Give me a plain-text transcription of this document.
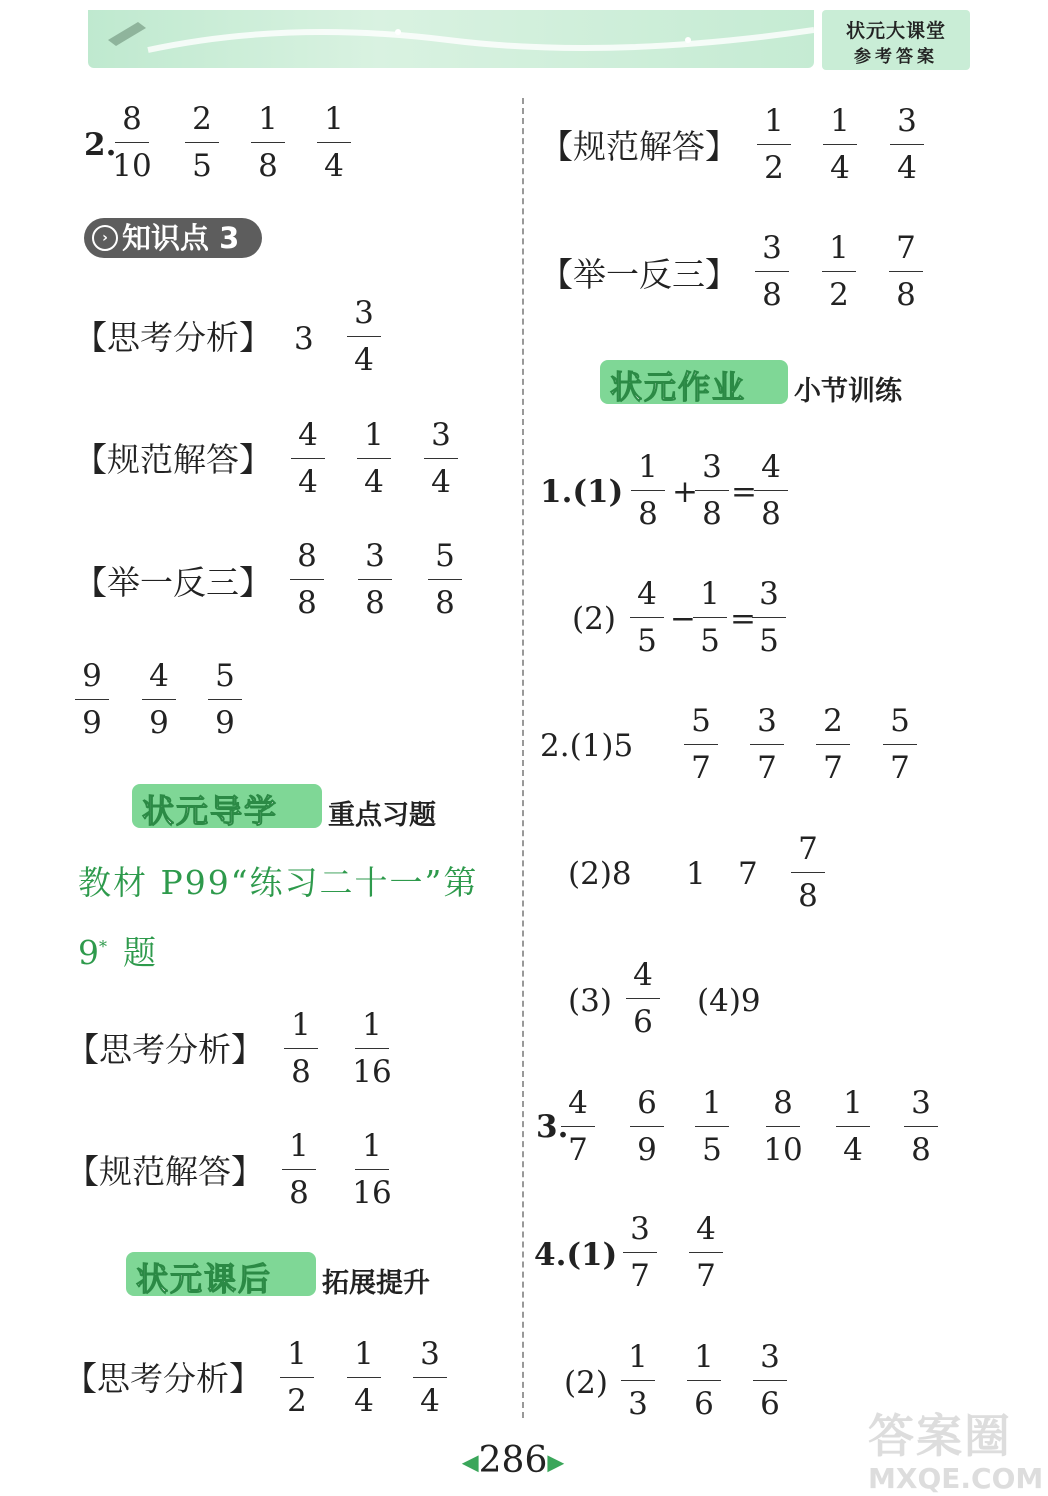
状元大课堂
参考答案
2.
8
10
2
5
1
8
1
4
› 知识点 3
【思考分析】 3
3
4
【规范解答】
4
4
1
4
3
4
【举一反三】
8
8
3
8
5
8
9
9
4
9
5
9
状元导学 重点习题
教材 P99“练习二十一”第
9* 题
【思考分析】
1
8
1
16
【规范解答】
1
8
1
16
状元课后 拓展提升
【思考分析】
1
2
1
4
3
4
【规范解答】
1
2
1
4
3
4
【举一反三】
3
8
1
2
7
8
状元作业 小节训练
1.(1)
1
8
+
3
8
=
4
8
(2)
4
5
−
1
5
=
3
5
2.(1)5
5
7
3
7
2
7
5
7
(2)8 1 7
7
8
(3)
4
6
(4)9
3.
4
7
6
9
1
5
8
10
1
4
3
8
4.(1)
3
7
4
7
(2)
1
3
1
6
3
6
◀286▶	答案圈
MXQE.COM
